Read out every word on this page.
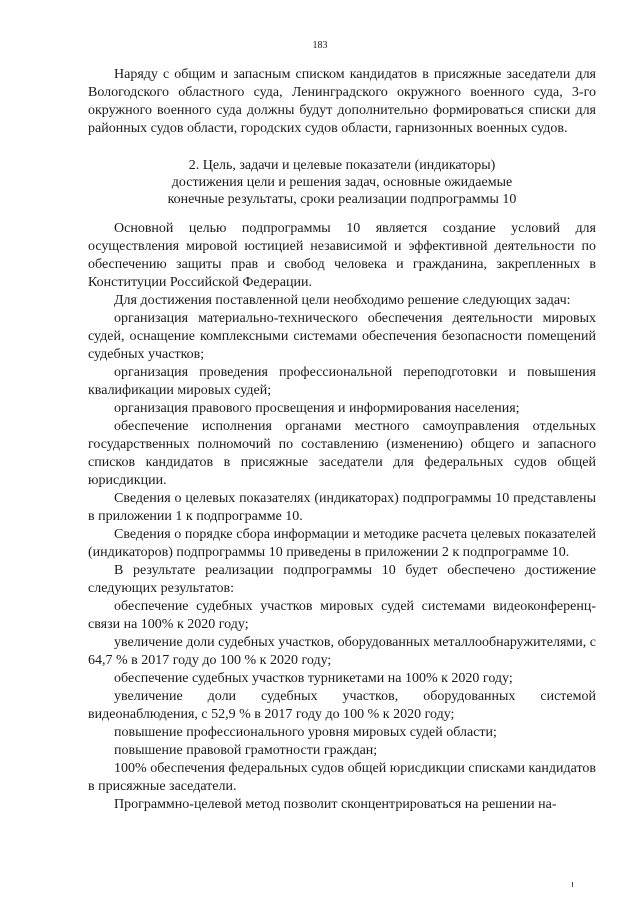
183

Наряду с общим и запасным списком кандидатов в присяжные заседатели для Вологодского областного суда, Ленинградского окружного военного суда, 3-го окружного военного суда должны будут дополнительно формироваться списки для районных судов области, городских судов области, гарнизонных военных судов.

2. Цель, задачи и целевые показатели (индикаторы)
достижения цели и решения задач, основные ожидаемые
конечные результаты, сроки реализации подпрограммы 10

Основной целью подпрограммы 10 является создание условий для осуществления мировой юстицией независимой и эффективной деятельности по обеспечению защиты прав и свобод человека и гражданина, закрепленных в Конституции Российской Федерации.

Для достижения поставленной цели необходимо решение следующих задач:

организация материально-технического обеспечения деятельности мировых судей, оснащение комплексными системами обеспечения безопасности помещений судебных участков;

организация проведения профессиональной переподготовки и повышения квалификации мировых судей;

организация правового просвещения и информирования населения;

обеспечение исполнения органами местного самоуправления отдельных государственных полномочий по составлению (изменению) общего и запасного списков кандидатов в присяжные заседатели для федеральных судов общей юрисдикции.

Сведения о целевых показателях (индикаторах) подпрограммы 10 представлены в приложении 1 к подпрограмме 10.

Сведения о порядке сбора информации и методике расчета целевых показателей (индикаторов) подпрограммы 10 приведены в приложении 2 к подпрограмме 10.

В результате реализации подпрограммы 10 будет обеспечено достижение следующих результатов:

обеспечение судебных участков мировых судей системами видеоконференц-связи на 100% к 2020 году;

увеличение доли судебных участков, оборудованных металлообнаружителями, с 64,7 % в 2017 году до 100 % к 2020 году;

обеспечение судебных участков турникетами на 100% к 2020 году;

увеличение доли судебных участков, оборудованных системой видеонаблюдения, с 52,9 % в 2017 году до 100 % к 2020 году;

повышение профессионального уровня мировых судей области;

повышение правовой грамотности граждан;

100% обеспечения федеральных судов общей юрисдикции списками кандидатов в присяжные заседатели.

Программно-целевой метод позволит сконцентрироваться на решении на-
